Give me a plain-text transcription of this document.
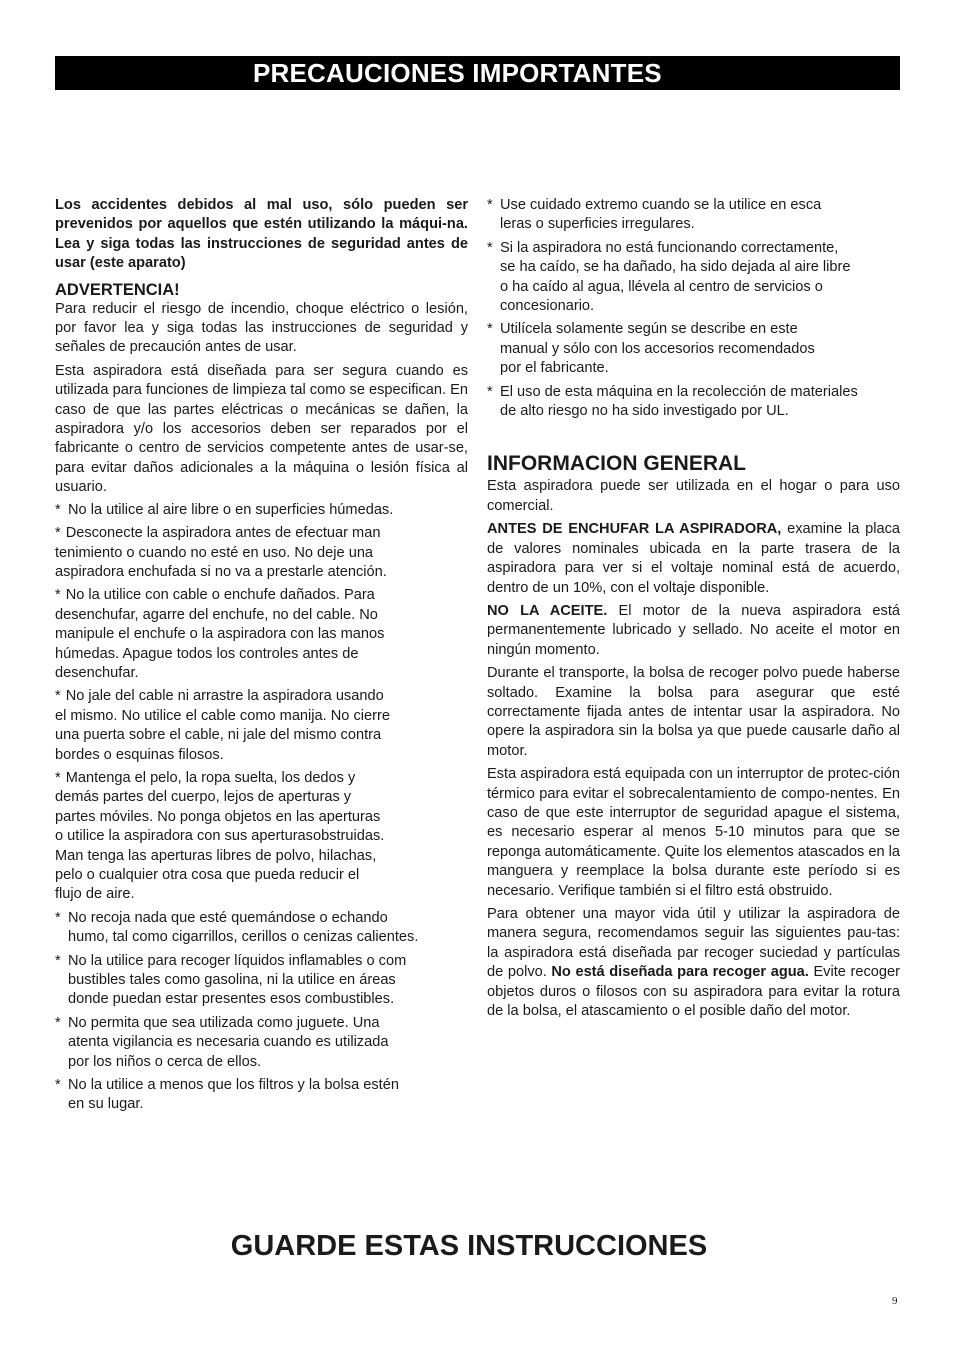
PRECAUCIONES IMPORTANTES

Los accidentes debidos al mal uso, sólo pueden ser prevenidos por aquellos que estén utilizando la máqui-na. Lea y siga todas las instrucciones de seguridad antes de usar (este aparato)

ADVERTENCIA!

Para reducir el riesgo de incendio, choque eléctrico o lesión, por favor lea y siga todas las instrucciones de seguridad y señales de precaución antes de usar.

Esta aspiradora está diseñada para ser segura cuando es utilizada para funciones de limpieza tal como se especifican. En caso de que las partes eléctricas o mecánicas se dañen, la aspiradora y/o los accesorios deben ser reparados por el fabricante o centro de servicios competente antes de usar-se, para evitar daños adicionales a la máquina o lesión física al usuario.

* No la utilice al aire libre o en superficies húmedas.
* Desconecte la aspiradora antes de efectuar man
tenimiento o cuando no esté en uso. No deje una
aspiradora enchufada si no va a prestarle atención.
* No la utilice con cable o enchufe dañados. Para
desenchufar, agarre del enchufe, no del cable. No
manipule el enchufe o la aspiradora con las manos
húmedas. Apague todos los controles antes de
desenchufar.
* No jale del cable ni arrastre la aspiradora usando
el mismo. No utilice el cable como manija. No cierre
una puerta sobre el cable, ni jale del mismo contra
bordes o esquinas filosos.
* Mantenga el pelo, la ropa suelta, los dedos y
demás partes del cuerpo, lejos de aperturas y
partes móviles. No ponga objetos en las aperturas
o utilice la aspiradora con sus aperturasobstruidas.
Man tenga las aperturas libres de polvo, hilachas,
pelo o cualquier otra cosa que pueda reducir el
flujo de aire.
* No recoja nada que esté quemándose o echando
humo, tal como cigarrillos, cerillos o cenizas calientes.
* No la utilice para recoger líquidos inflamables o com
bustibles tales como gasolina, ni la utilice en áreas
donde puedan estar presentes esos combustibles.
* No permita que sea utilizada como juguete. Una
atenta vigilancia es necesaria cuando es utilizada
por los niños o cerca de ellos.
* No la utilice a menos que los filtros y la bolsa estén
en su lugar.
* Use cuidado extremo cuando se la utilice en esca
leras o superficies irregulares.
* Si la aspiradora no está funcionando correctamente,
se ha caído, se ha dañado, ha sido dejada al aire libre
o ha caído al agua, llévela al centro de servicios o
concesionario.
* Utilícela solamente según se describe en este
manual y sólo con los accesorios recomendados
por el fabricante.
* El uso de esta máquina en la recolección de materiales
de alto riesgo no ha sido investigado por UL.
INFORMACION GENERAL

Esta aspiradora puede ser utilizada en el hogar o para uso comercial.

ANTES DE ENCHUFAR LA ASPIRADORA, examine la placa de valores nominales ubicada en la parte trasera de la aspiradora para ver si el voltaje nominal está de acuerdo, dentro de un 10%, con el voltaje disponible.

NO LA ACEITE. El motor de la nueva aspiradora está permanentemente lubricado y sellado. No aceite el motor en ningún momento.

Durante el transporte, la bolsa de recoger polvo puede haberse soltado. Examine la bolsa para asegurar que esté correctamente fijada antes de intentar usar la aspiradora. No opere la aspiradora sin la bolsa ya que puede causarle daño al motor.

Esta aspiradora está equipada con un interruptor de protec-ción térmico para evitar el sobrecalentamiento de compo-nentes. En caso de que este interruptor de seguridad apague el sistema, es necesario esperar al menos 5-10 minutos para que se reponga automáticamente. Quite los elementos atascados en la manguera y reemplace la bolsa durante este período si es necesario. Verifique también si el filtro está obstruido.

Para obtener una mayor vida útil y utilizar la aspiradora de manera segura, recomendamos seguir las siguientes pau-tas: la aspiradora está diseñada par recoger suciedad y partículas de polvo. No está diseñada para recoger agua. Evite recoger objetos duros o filosos con su aspiradora para evitar la rotura de la bolsa, el atascamiento o el posible daño del motor.

GUARDE ESTAS INSTRUCCIONES
9
